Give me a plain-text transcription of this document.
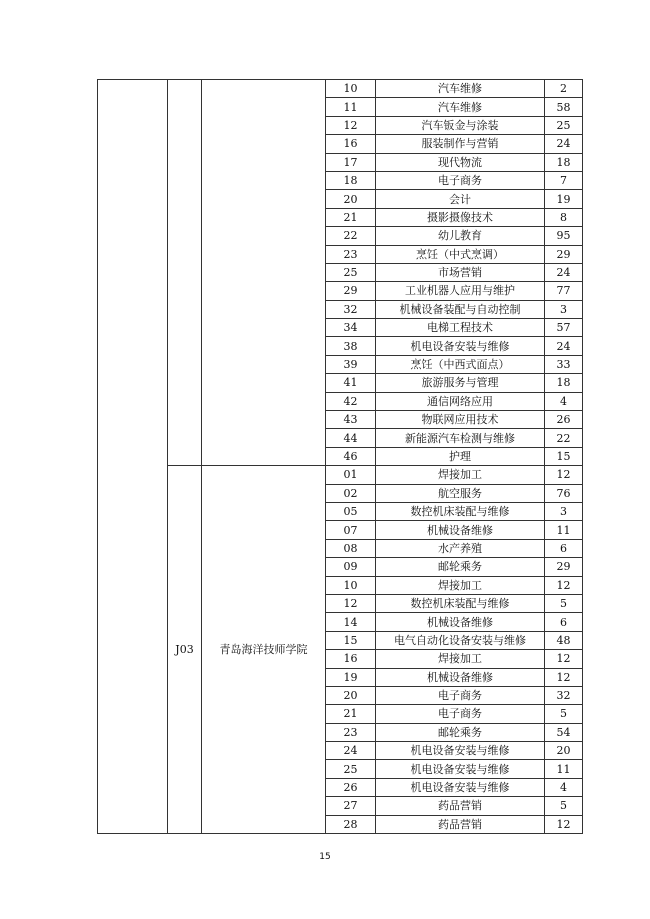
			10	汽车维修	2
			11	汽车维修	58
			12	汽车钣金与涂装	25
			16	服装制作与营销	24
			17	现代物流	18
			18	电子商务	7
			20	会计	19
			21	摄影摄像技术	8
			22	幼儿教育	95
			23	烹饪（中式烹调）	29
			25	市场营销	24
			29	工业机器人应用与维护	77
			32	机械设备装配与自动控制	3
			34	电梯工程技术	57
			38	机电设备安装与维修	24
			39	烹饪（中西式面点）	33
			41	旅游服务与管理	18
			42	通信网络应用	4
			43	物联网应用技术	26
			44	新能源汽车检测与维修	22
			46	护理	15
	J03	青岛海洋技师学院	01	焊接加工	12
			02	航空服务	76
			05	数控机床装配与维修	3
			07	机械设备维修	11
			08	水产养殖	6
			09	邮轮乘务	29
			10	焊接加工	12
			12	数控机床装配与维修	5
			14	机械设备维修	6
			15	电气自动化设备安装与维修	48
			16	焊接加工	12
			19	机械设备维修	12
			20	电子商务	32
			21	电子商务	5
			23	邮轮乘务	54
			24	机电设备安装与维修	20
			25	机电设备安装与维修	11
			26	机电设备安装与维修	4
			27	药品营销	5
			28	药品营销	12
15
